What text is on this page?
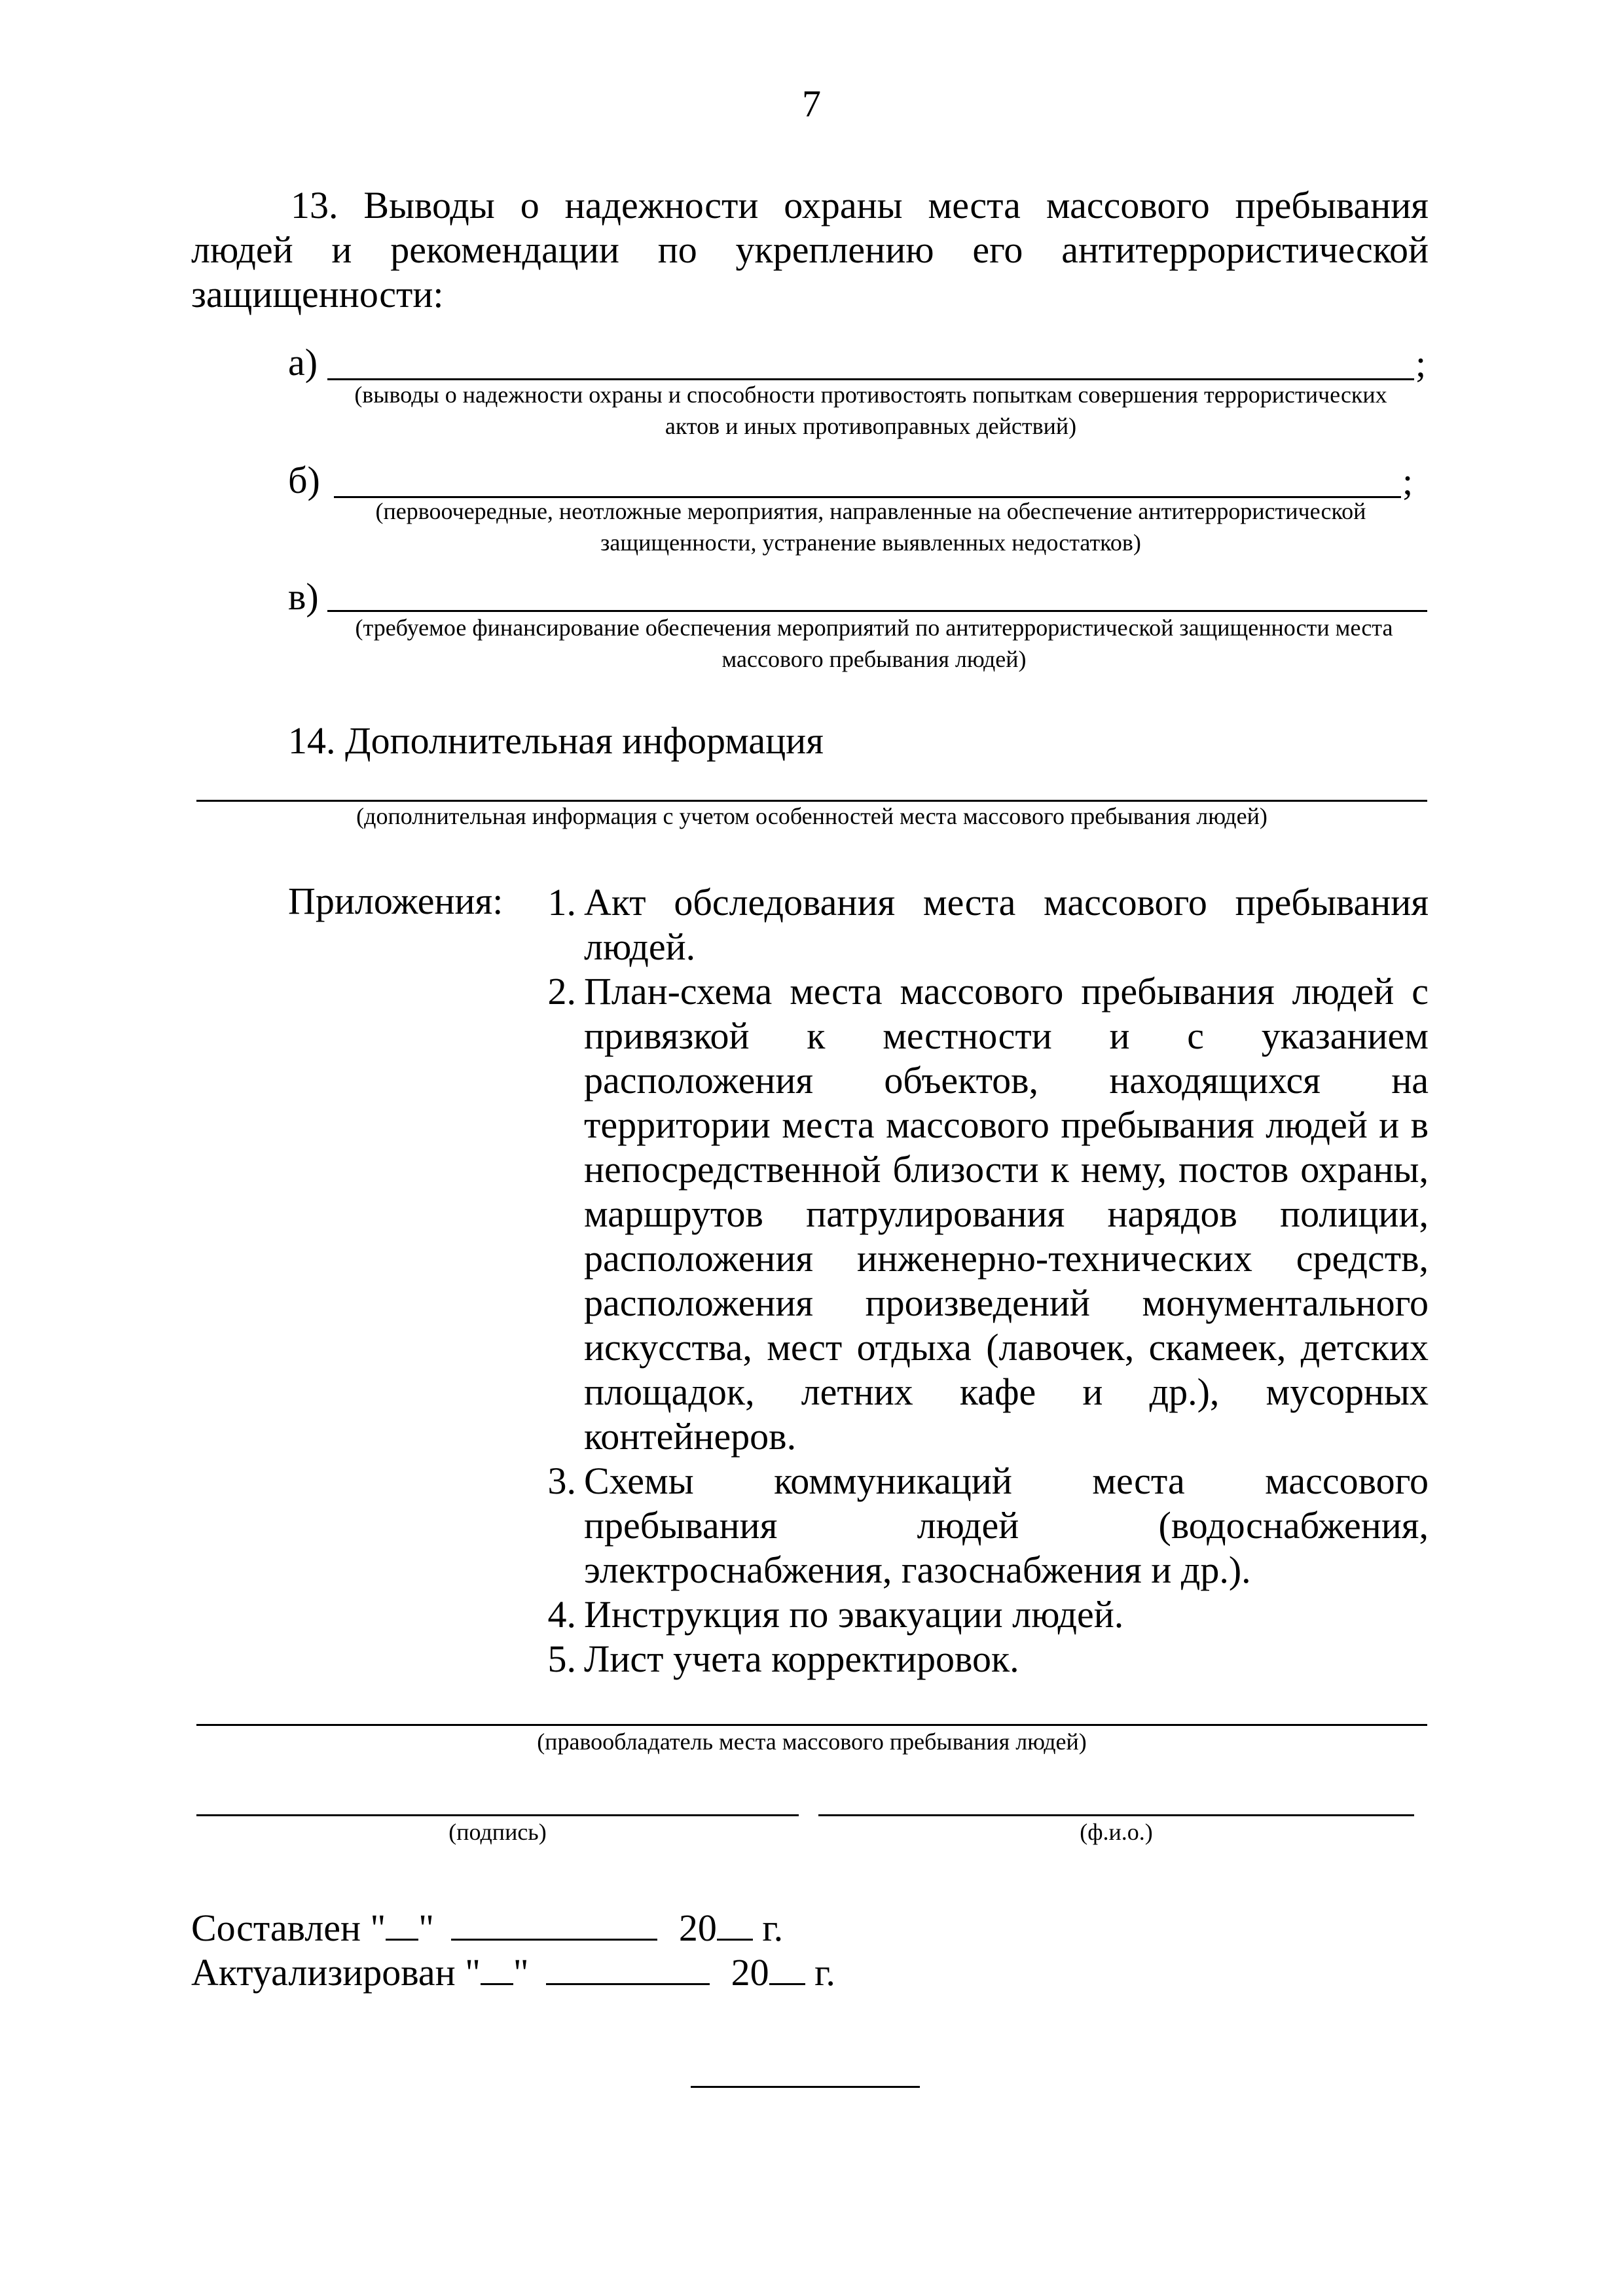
7
13. Выводы о надежности охраны места массового пребывания
людей и рекомендации по укреплению его антитеррористической
защищенности:
а)	;
(выводы о надежности охраны и способности противостоять попыткам совершения террористических
актов и иных противоправных действий)
б)	;
(первоочередные, неотложные мероприятия, направленные на обеспечение антитеррористической
защищенности, устранение выявленных недостатков)
в)
(требуемое финансирование обеспечения мероприятий по антитеррористической защищенности места
массового пребывания людей)
14. Дополнительная информация
(дополнительная информация с учетом особенностей места массового пребывания людей)
Приложения:	1. Акт обследования места массового пребывания
людей.
2. План-схема места массового пребывания людей с
привязкой к местности и с указанием
расположения объектов, находящихся на
территории места массового пребывания людей и в
непосредственной близости к нему, постов охраны,
маршрутов патрулирования нарядов полиции,
расположения инженерно-технических средств,
расположения произведений монументального
искусства, мест отдыха (лавочек, скамеек, детских
площадок, летних кафе и др.), мусорных
контейнеров.
3. Схемы коммуникаций места массового
пребывания людей (водоснабжения,
электроснабжения, газоснабжения и др.).
4. Инструкция по эвакуации людей.
5. Лист учета корректировок.
(правообладатель места массового пребывания людей)
(подпись)	(ф.и.о.)
Составлен " "	20 г.
Актуализирован " "	20 г.
